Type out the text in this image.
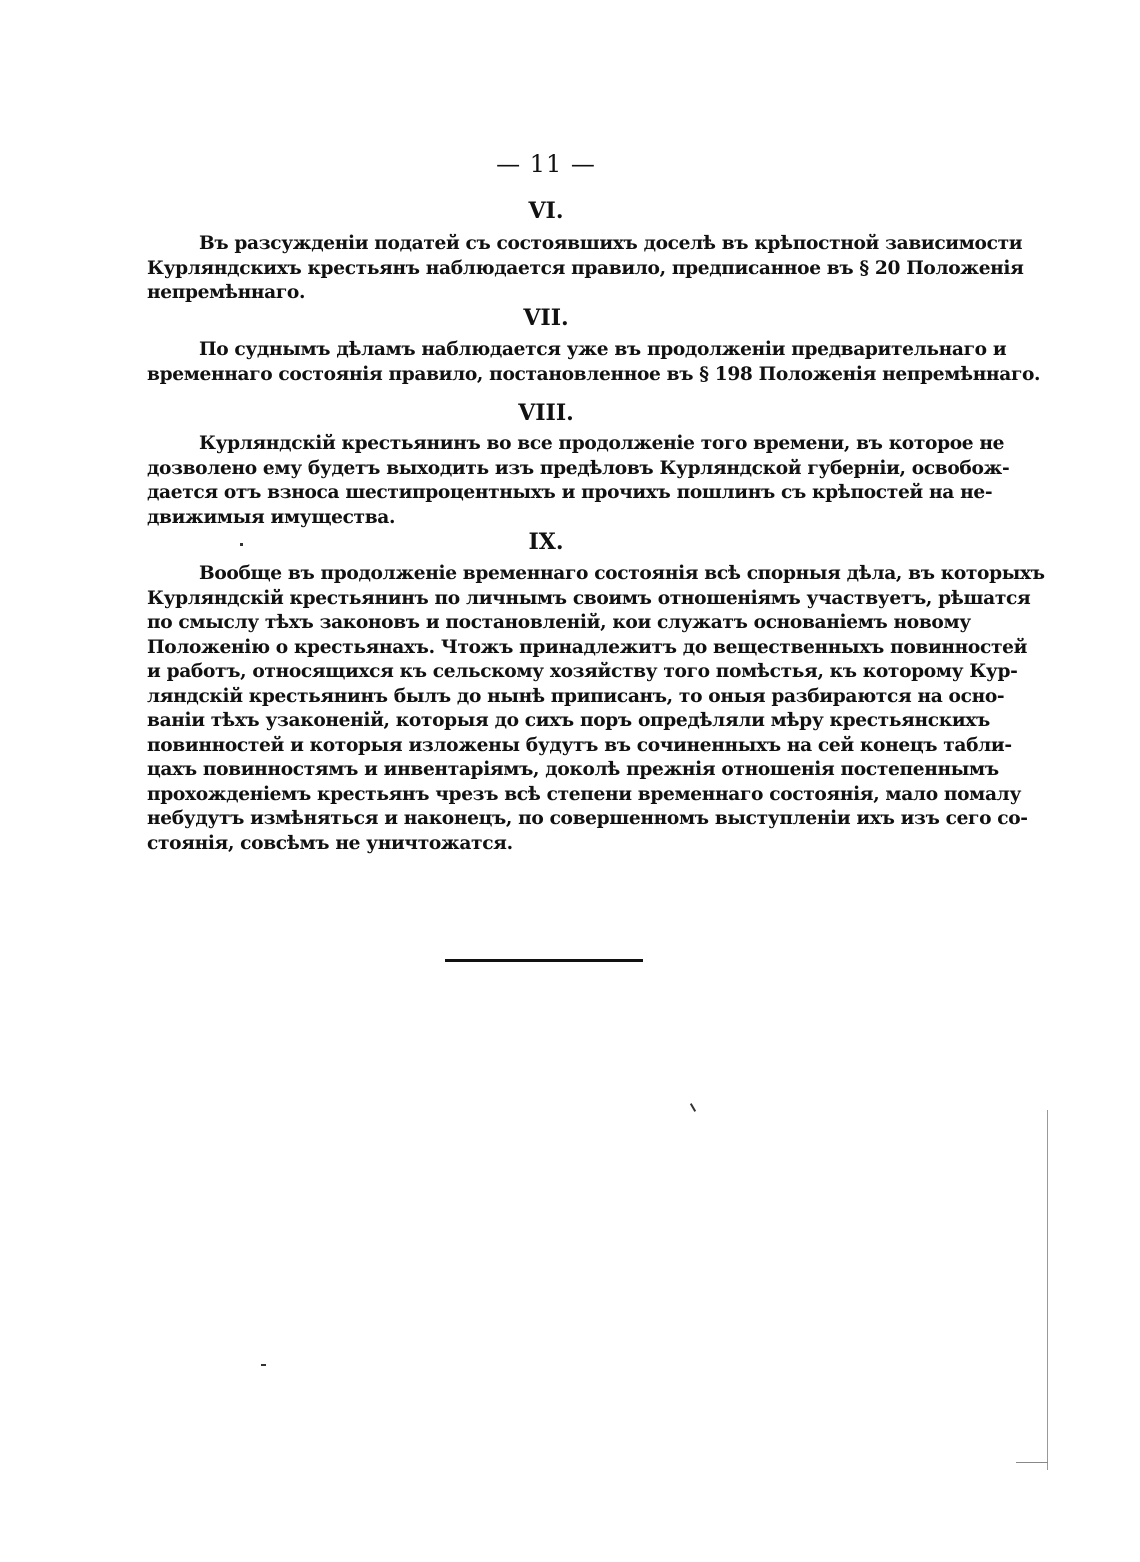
— 11 —
VI.
Въ разсужденіи податей съ состоявшихъ доселѣ въ крѣпостной зависимости
Курляндскихъ крестьянъ наблюдается правило, предписанное въ § 20 Положенія
непремѣннаго.
VII.
По суднымъ дѣламъ наблюдается уже въ продолженіи предварительнаго и
временнаго состоянія правило, постановленное въ § 198 Положенія непремѣннаго.
VIII.
Курляндскій крестьянинъ во все продолженіе того времени, въ которое не
дозволено ему будетъ выходить изъ предѣловъ Курляндской губерніи, освобож-
дается отъ взноса шестипроцентныхъ и прочихъ пошлинъ съ крѣпостей на не-
движимыя имущества.
IX.
Вообще въ продолженіе временнаго состоянія всѣ спорныя дѣла, въ которыхъ
Курляндскій крестьянинъ по личнымъ своимъ отношеніямъ участвуетъ, рѣшатся
по смыслу тѣхъ законовъ и постановленій, кои служатъ основаніемъ новому
Положенію о крестьянахъ. Чтожъ принадлежитъ до вещественныхъ повинностей
и работъ, относящихся къ сельскому хозяйству того помѣстья, къ которому Кур-
ляндскій крестьянинъ былъ до нынѣ приписанъ, то оныя разбираются на осно-
ваніи тѣхъ узаконеній, которыя до сихъ поръ опредѣляли мѣру крестьянскихъ
повинностей и которыя изложены будутъ въ сочиненныхъ на сей конецъ табли-
цахъ повинностямъ и инвентаріямъ, доколѣ прежнія отношенія постепеннымъ
прохожденіемъ крестьянъ чрезъ всѣ степени временнаго состоянія, мало помалу
небудутъ измѣняться и наконецъ, по совершенномъ выступленіи ихъ изъ сего со-
стоянія, совсѣмъ не уничтожатся.
